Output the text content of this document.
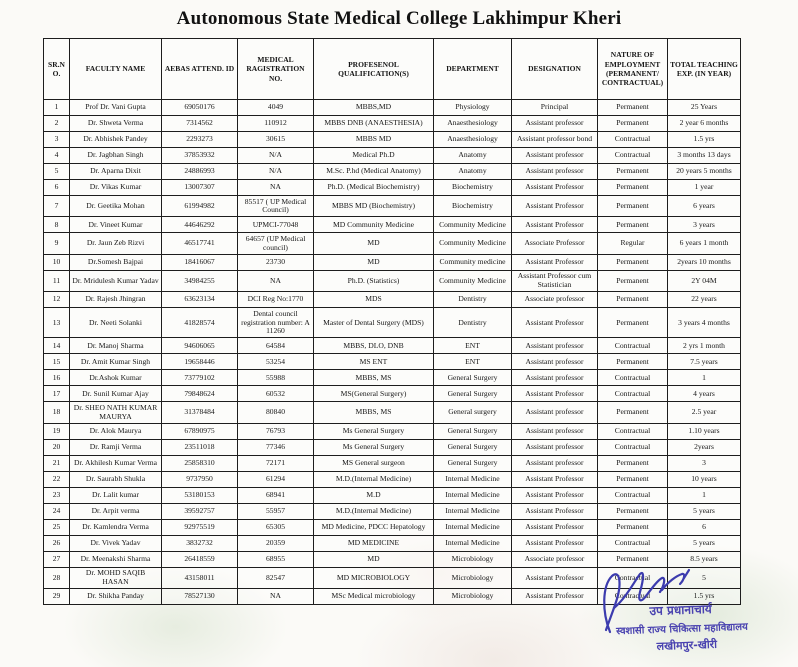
Autonomous State Medical College Lakhimpur Kheri
SR.N O.	FACULTY NAME	AEBAS ATTEND. ID	MEDICAL RAGISTRATION NO.	PROFESENOL QUALIFICATION(S)	DEPARTMENT	DESIGNATION	NATURE OF EMPLOYMENT (PERMANENT/ CONTRACTUAL)	TOTAL TEACHING EXP. (IN YEAR)
1	Prof Dr. Vani Gupta	69050176	4049	MBBS,MD	Physiology	Principal	Permanent	25 Years
2	Dr. Shweta Verma	7314562	110912	MBBS DNB (ANAESTHESIA)	Anaesthesiology	Assistant professor	Permanent	2 year 6 months
3	Dr. Abhishek Pandey	2293273	30615	MBBS MD	Anaesthesiology	Assistant professor bond	Contractual	1.5 yrs
4	Dr. Jagbhan Singh	37853932	N/A	Medical Ph.D	Anatomy	Assistant professor	Contractual	3 months 13 days
5	Dr. Aparna Dixit	24886993	N/A	M.Sc. P.hd (Medical Anatomy)	Anatomy	Assistant professor	Permanent	20 years 5 months
6	Dr. Vikas Kumar	13007307	NA	Ph.D. (Medical Biochemistry)	Biochemistry	Assistant Professor	Permanent	1 year
7	Dr. Geetika Mohan	61994982	85517 ( UP Medical Council)	MBBS MD (Biochemistry)	Biochemistry	Assistant Professor	Permanent	6 years
8	Dr. Vineet Kumar	44646292	UPMCI-77048	MD Community Medicine	Community Medicine	Assistant Professor	Permanent	3 years
9	Dr. Jaun Zeb Rizvi	46517741	64657 (UP Medical council)	MD	Community Medicine	Associate Professor	Regular	6 years 1 month
10	Dr.Somesh Bajpai	18416067	23730	MD	Community medicine	Assistant Professor	Permanent	2years 10 months
11	Dr. Mridulesh Kumar Yadav	34984255	NA	Ph.D. (Statistics)	Community Medicine	Assistant Professor cum Statistician	Permanent	2Y 04M
12	Dr. Rajesh Jhingran	63623134	DCI Reg No:1770	MDS	Dentistry	Associate professor	Permanent	22 years
13	Dr. Neeti Solanki	41828574	Dental council registration number: A 11260	Master of Dental Surgery (MDS)	Dentistry	Assistant Professor	Permanent	3 years 4 months
14	Dr. Manoj Sharma	94606065	64584	MBBS, DLO, DNB	ENT	Assistant professor	Contractual	2 yrs 1 month
15	Dr. Amit Kumar Singh	19658446	53254	MS ENT	ENT	Assistant professor	Permanent	7.5 years
16	Dr.Ashok Kumar	73779102	55988	MBBS, MS	General Surgery	Assistant professor	Contractual	1
17	Dr. Sunil Kumar Ajay	79848624	60532	MS(General Surgery)	General Surgery	Assistant Professor	Contractual	4 years
18	Dr. SHEO NATH KUMAR MAURYA	31378484	80840	MBBS, MS	General surgery	Assistant professor	Permanent	2.5 year
19	Dr. Alok Maurya	67890975	76793	Ms General Surgery	General Surgery	Assistant professor	Contractual	1.10 years
20	Dr. Ramji Verma	23511018	77346	Ms General Surgery	General Surgery	Assistant professor	Contractual	2years
21	Dr. Akhilesh Kumar Verma	25858310	72171	MS General surgeon	General Surgery	Assistant professor	Permanent	3
22	Dr. Saurabh Shukla	9737950	61294	M.D.(Internal Medicine)	Internal Medicine	Assistant Professor	Permanent	10 years
23	Dr. Lalit kumar	53180153	68941	M.D	Internal Medicine	Assistant Professor	Contractual	1
24	Dr. Arpit verma	39592757	55957	M.D.(Internal Medicine)	Internal Medicine	Assistant Professor	Permanent	5 years
25	Dr. Kamlendra Verma	92975519	65305	MD Medicine, PDCC Hepatology	Internal Medicine	Assistant Professor	Permanent	6
26	Dr. Vivek Yadav	3832732	20359	MD MEDICINE	Internal Medicine	Assistant Professor	Contractual	5 years
27	Dr. Meenakshi Sharma	26418559	68955	MD	Microbiology	Associate professor	Permanent	8.5 years
28	Dr. MOHD SAQIB HASAN	43158011	82547	MD MICROBIOLOGY	Microbiology	Assistant Professor	Contractual	5
29	Dr. Shikha Panday	78527130	NA	MSc Medical microbiology	Microbiology	Assistant Professor	Contractual	1.5 yrs
उप प्रधानाचार्य
स्वशासी राज्य चिकित्सा महाविद्यालय
लखीमपुर-खीरी
